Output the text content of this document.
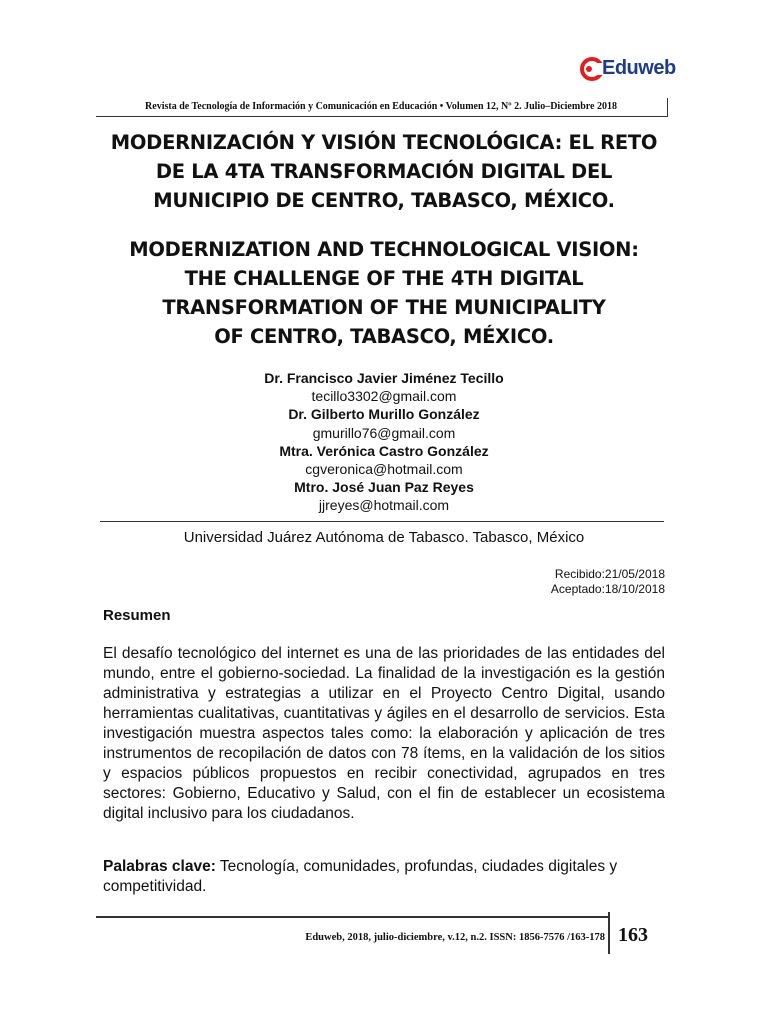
Eduweb
Revista de Tecnología de Información y Comunicación en Educación • Volumen 12, Nº 2. Julio–Diciembre 2018
MODERNIZACIÓN Y VISIÓN TECNOLÓGICA: EL RETO
DE LA 4TA TRANSFORMACIÓN DIGITAL DEL
MUNICIPIO DE CENTRO, TABASCO, MÉXICO.
MODERNIZATION AND TECHNOLOGICAL VISION:
THE CHALLENGE OF THE 4TH DIGITAL
TRANSFORMATION OF THE MUNICIPALITY
OF CENTRO, TABASCO, MÉXICO.
Dr. Francisco Javier Jiménez Tecillo
tecillo3302@gmail.com
Dr. Gilberto Murillo González
gmurillo76@gmail.com
Mtra. Verónica Castro González
cgveronica@hotmail.com
Mtro. José Juan Paz Reyes
jjreyes@hotmail.com
Universidad Juárez Autónoma de Tabasco. Tabasco, México
Recibido:21/05/2018
Aceptado:18/10/2018
Resumen

El desafío tecnológico del internet es una de las prioridades de las entidades del mundo, entre el gobierno-sociedad. La finalidad de la investigación es la gestión administrativa y estrategias a utilizar en el Proyecto Centro Digital, usando herramientas cualitativas, cuantitativas y ágiles en el desarrollo de servicios. Esta investigación muestra aspectos tales como: la elaboración y aplicación de tres instrumentos de recopilación de datos con 78 ítems, en la validación de los sitios y espacios públicos propuestos en recibir conectividad, agrupados en tres sectores: Gobierno, Educativo y Salud, con el fin de establecer un ecosistema digital inclusivo para los ciudadanos.

Palabras clave: Tecnología, comunidades, profundas, ciudades digitales y competitividad.

Eduweb, 2018, julio-diciembre, v.12, n.2. ISSN: 1856-7576 /163-178 163
